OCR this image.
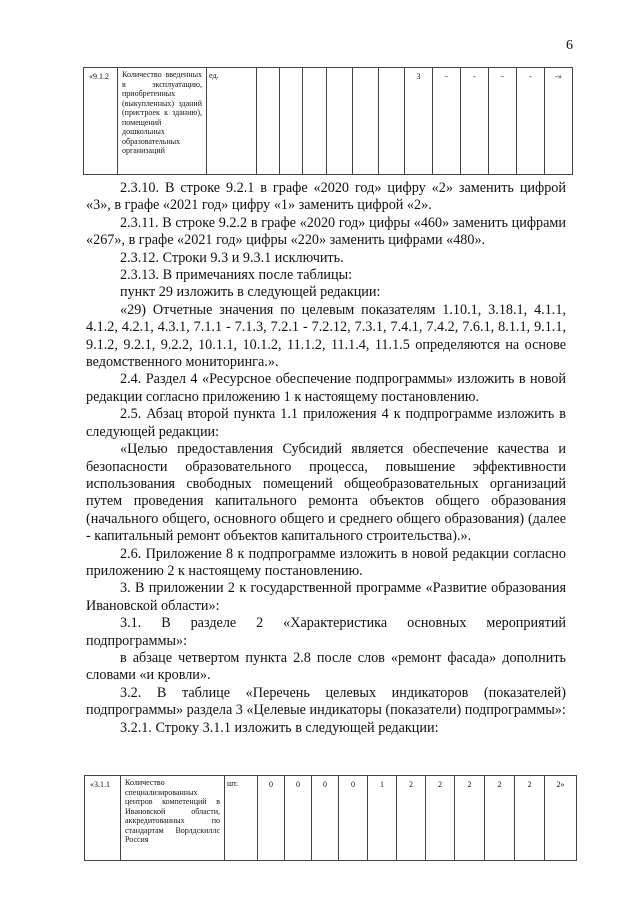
6
«9.1.2	Количество введенных в эксплуатацию, приобретенных (выкупленных) зданий (пристроек к зданию), помещений дошкольных образовательных организаций	ед.							3	-	-	-	-	-»

2.3.10. В строке 9.2.1 в графе «2020 год» цифру «2» заменить цифрой «3», в графе «2021 год» цифру «1» заменить цифрой «2».

2.3.11. В строке 9.2.2 в графе «2020 год» цифры «460» заменить цифрами «267», в графе «2021 год» цифры «220» заменить цифрами «480».

2.3.12. Строки 9.3 и 9.3.1 исключить.

2.3.13. В примечаниях после таблицы:

пункт 29 изложить в следующей редакции:

«29) Отчетные значения по целевым показателям 1.10.1, 3.18.1, 4.1.1, 4.1.2, 4.2.1, 4.3.1, 7.1.1 - 7.1.3, 7.2.1 - 7.2.12, 7.3.1, 7.4.1, 7.4.2, 7.6.1, 8.1.1, 9.1.1, 9.1.2, 9.2.1, 9.2.2, 10.1.1, 10.1.2, 11.1.2, 11.1.4, 11.1.5 определяются на основе ведомственного мониторинга.».

2.4. Раздел 4 «Ресурсное обеспечение подпрограммы» изложить в новой редакции согласно приложению 1 к настоящему постановлению.

2.5. Абзац второй пункта 1.1 приложения 4 к подпрограмме изложить в следующей редакции:

«Целью предоставления Субсидий является обеспечение качества и безопасности образовательного процесса, повышение эффективности использования свободных помещений общеобразовательных организаций путем проведения капитального ремонта объектов общего образования (начального общего, основного общего и среднего общего образования) (далее - капитальный ремонт объектов капитального строительства).».

2.6. Приложение 8 к подпрограмме изложить в новой редакции согласно приложению 2 к настоящему постановлению.

3. В приложении 2 к государственной программе «Развитие образования Ивановской области»:

3.1. В разделе 2 «Характеристика основных мероприятий подпрограммы»:

в абзаце четвертом пункта 2.8 после слов «ремонт фасада» дополнить словами «и кровли».

3.2. В таблице «Перечень целевых индикаторов (показателей) подпрограммы» раздела 3 «Целевые индикаторы (показатели) подпрограммы»:

3.2.1. Строку 3.1.1 изложить в следующей редакции:

«3.1.1	Количество специализированных центров компетенций в Ивановской области, аккредитованных по стандартам Ворлдскиллс Россия	шт.	0	0	0	0	1	2	2	2	2	2	2»
